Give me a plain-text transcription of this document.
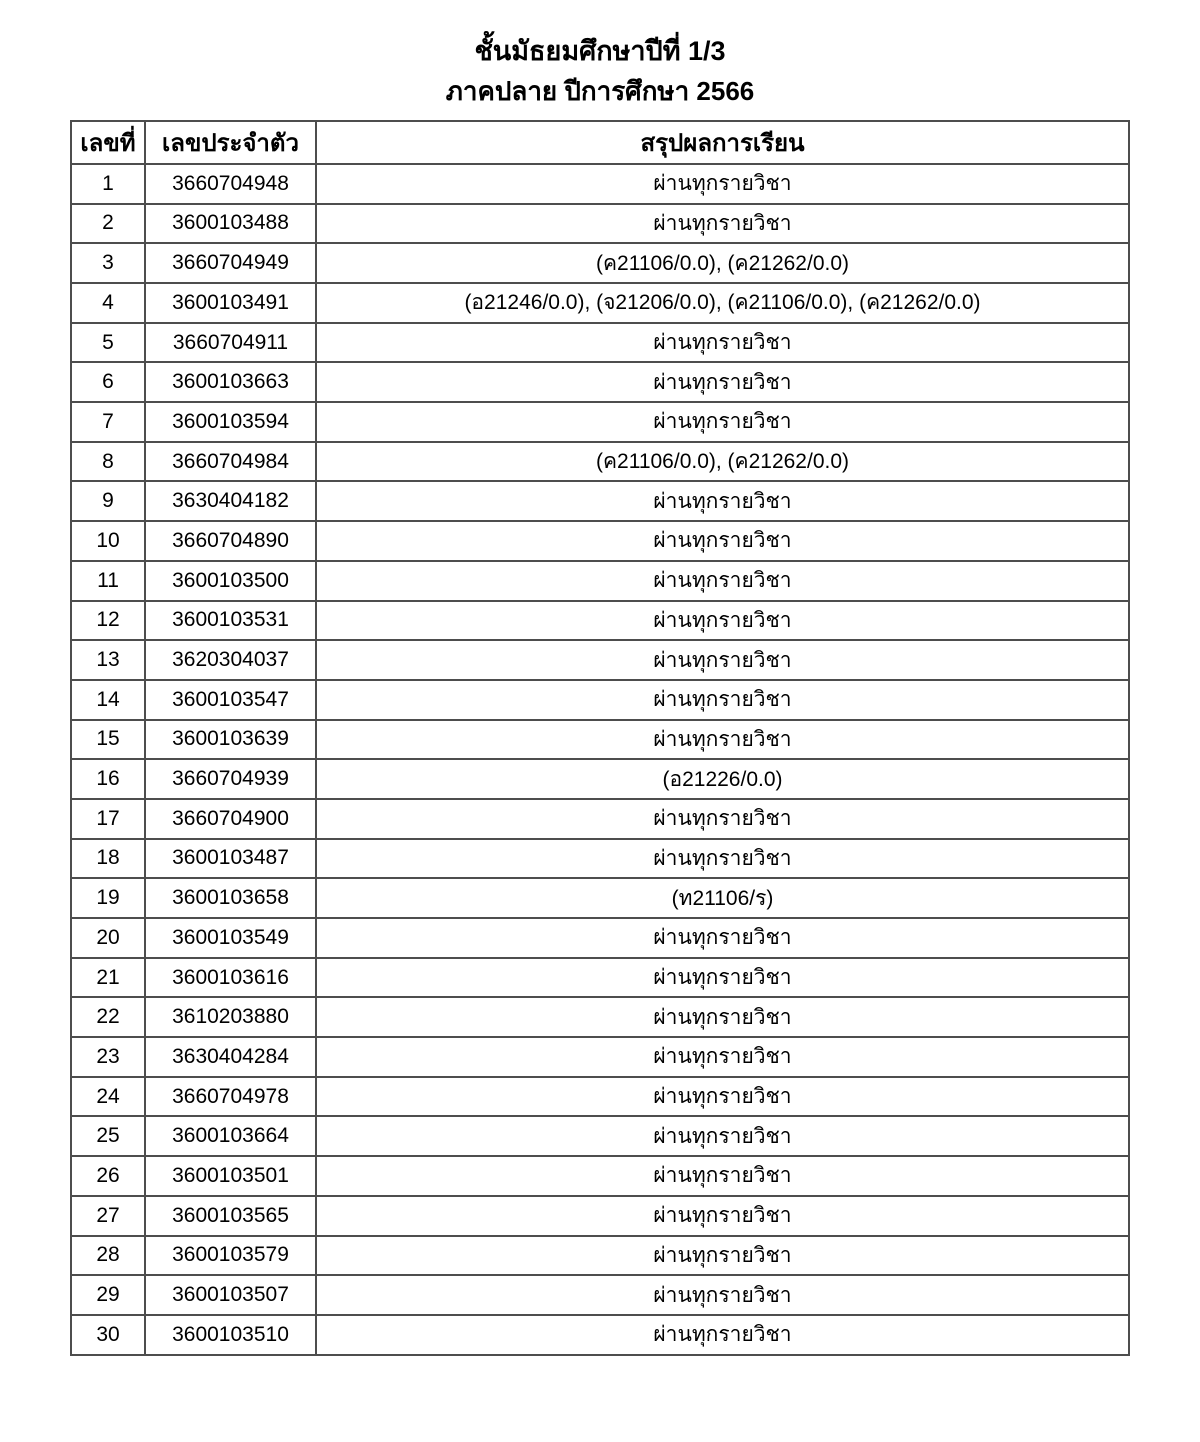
ชั้นมัธยมศึกษาปีที่ 1/3
ภาคปลาย ปีการศึกษา 2566
เลขที่	เลขประจำตัว	สรุปผลการเรียน
1	3660704948	ผ่านทุกรายวิชา
2	3600103488	ผ่านทุกรายวิชา
3	3660704949	(ค21106/0.0), (ค21262/0.0)
4	3600103491	(อ21246/0.0), (จ21206/0.0), (ค21106/0.0), (ค21262/0.0)
5	3660704911	ผ่านทุกรายวิชา
6	3600103663	ผ่านทุกรายวิชา
7	3600103594	ผ่านทุกรายวิชา
8	3660704984	(ค21106/0.0), (ค21262/0.0)
9	3630404182	ผ่านทุกรายวิชา
10	3660704890	ผ่านทุกรายวิชา
11	3600103500	ผ่านทุกรายวิชา
12	3600103531	ผ่านทุกรายวิชา
13	3620304037	ผ่านทุกรายวิชา
14	3600103547	ผ่านทุกรายวิชา
15	3600103639	ผ่านทุกรายวิชา
16	3660704939	(อ21226/0.0)
17	3660704900	ผ่านทุกรายวิชา
18	3600103487	ผ่านทุกรายวิชา
19	3600103658	(ท21106/ร)
20	3600103549	ผ่านทุกรายวิชา
21	3600103616	ผ่านทุกรายวิชา
22	3610203880	ผ่านทุกรายวิชา
23	3630404284	ผ่านทุกรายวิชา
24	3660704978	ผ่านทุกรายวิชา
25	3600103664	ผ่านทุกรายวิชา
26	3600103501	ผ่านทุกรายวิชา
27	3600103565	ผ่านทุกรายวิชา
28	3600103579	ผ่านทุกรายวิชา
29	3600103507	ผ่านทุกรายวิชา
30	3600103510	ผ่านทุกรายวิชา
